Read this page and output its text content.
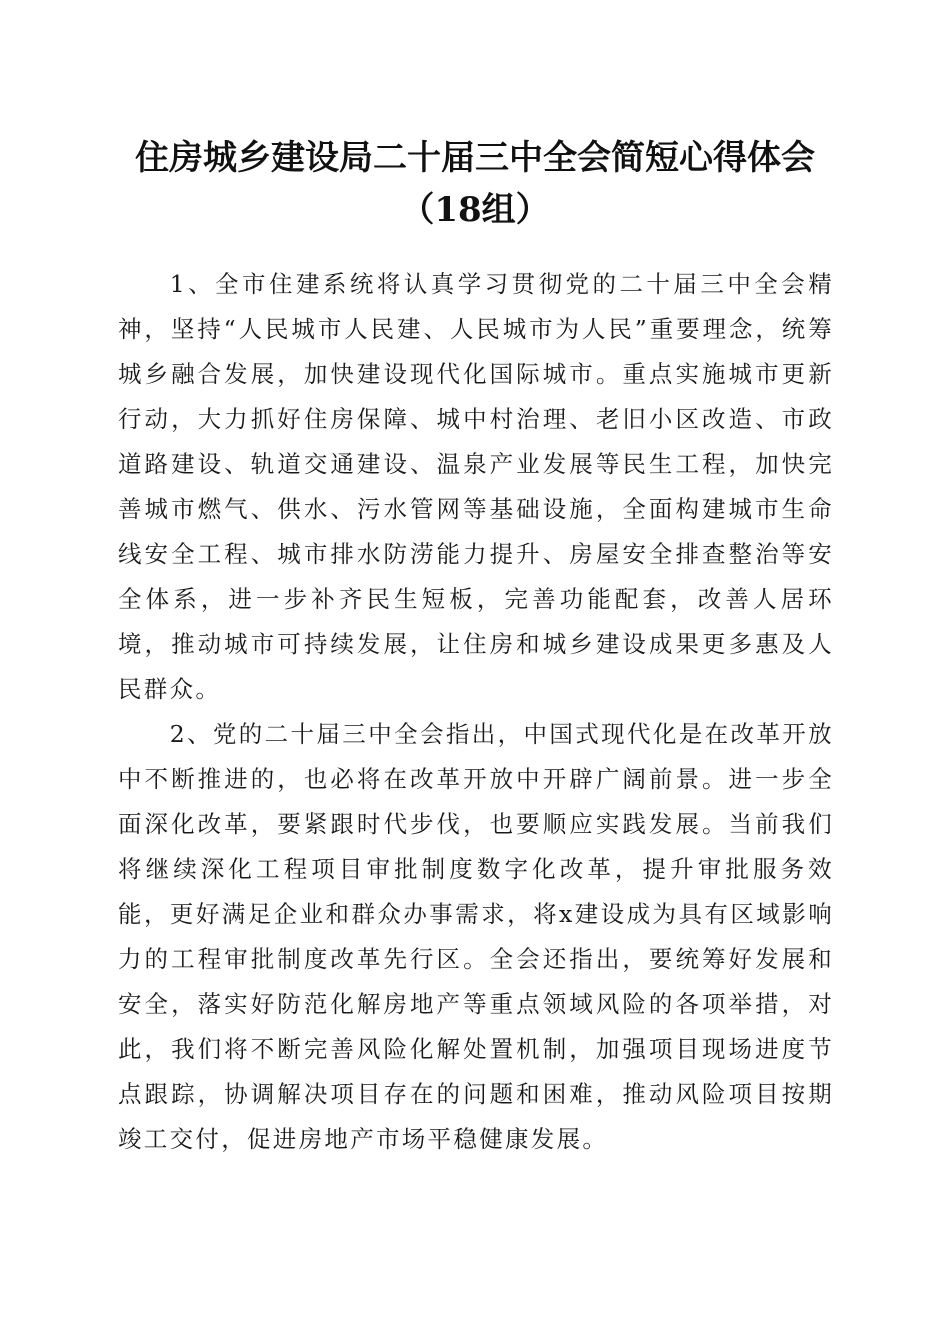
住房城乡建设局二十届三中全会简短心得体会
（18组）

1、全市住建系统将认真学习贯彻党的二十届三中全会精神，坚持“人民城市人民建、人民城市为人民”重要理念，统筹城乡融合发展，加快建设现代化国际城市。重点实施城市更新行动，大力抓好住房保障、城中村治理、老旧小区改造、市政道路建设、轨道交通建设、温泉产业发展等民生工程，加快完善城市燃气、供水、污水管网等基础设施，全面构建城市生命线安全工程、城市排水防涝能力提升、房屋安全排查整治等安全体系，进一步补齐民生短板，完善功能配套，改善人居环境，推动城市可持续发展，让住房和城乡建设成果更多惠及人民群众。

2、党的二十届三中全会指出，中国式现代化是在改革开放中不断推进的，也必将在改革开放中开辟广阔前景。进一步全面深化改革，要紧跟时代步伐，也要顺应实践发展。当前我们将继续深化工程项目审批制度数字化改革，提升审批服务效能，更好满足企业和群众办事需求，将x建设成为具有区域影响力的工程审批制度改革先行区。全会还指出，要统筹好发展和安全，落实好防范化解房地产等重点领域风险的各项举措，对此，我们将不断完善风险化解处置机制，加强项目现场进度节点跟踪，协调解决项目存在的问题和困难，推动风险项目按期竣工交付，促进房地产市场平稳健康发展。
